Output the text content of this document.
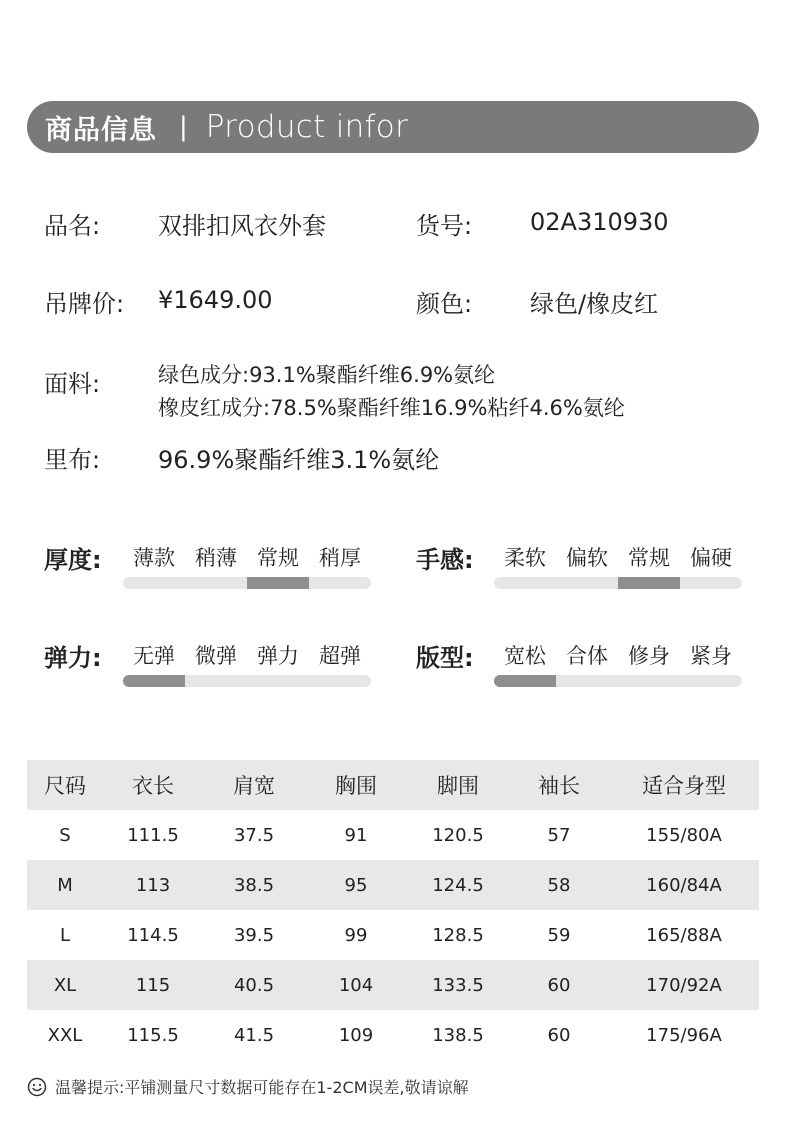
商品信息 | Product infor
品名: 双排扣风衣外套	货号: 02A310930
吊牌价: ¥1649.00	颜色: 绿色/橡皮红
面料:	绿色成分:93.1%聚酯纤维6.9%氨纶
橡皮红成分:78.5%聚酯纤维16.9%粘纤4.6%氨纶
里布: 96.9%聚酯纤维3.1%氨纶
厚度:	薄款 稍薄 常规 稍厚	手感:	柔软 偏软 常规 偏硬
弹力:	无弹 微弹 弹力 超弹	版型:	宽松 合体 修身 紧身
尺码	衣长	肩宽	胸围	脚围	袖长	适合身型
S	111.5	37.5	91	120.5	57	155/80A
M	113	38.5	95	124.5	58	160/84A
L	114.5	39.5	99	128.5	59	165/88A
XL	115	40.5	104	133.5	60	170/92A
XXL	115.5	41.5	109	138.5	60	175/96A
温馨提示:平铺测量尺寸数据可能存在1-2CM误差,敬请谅解
